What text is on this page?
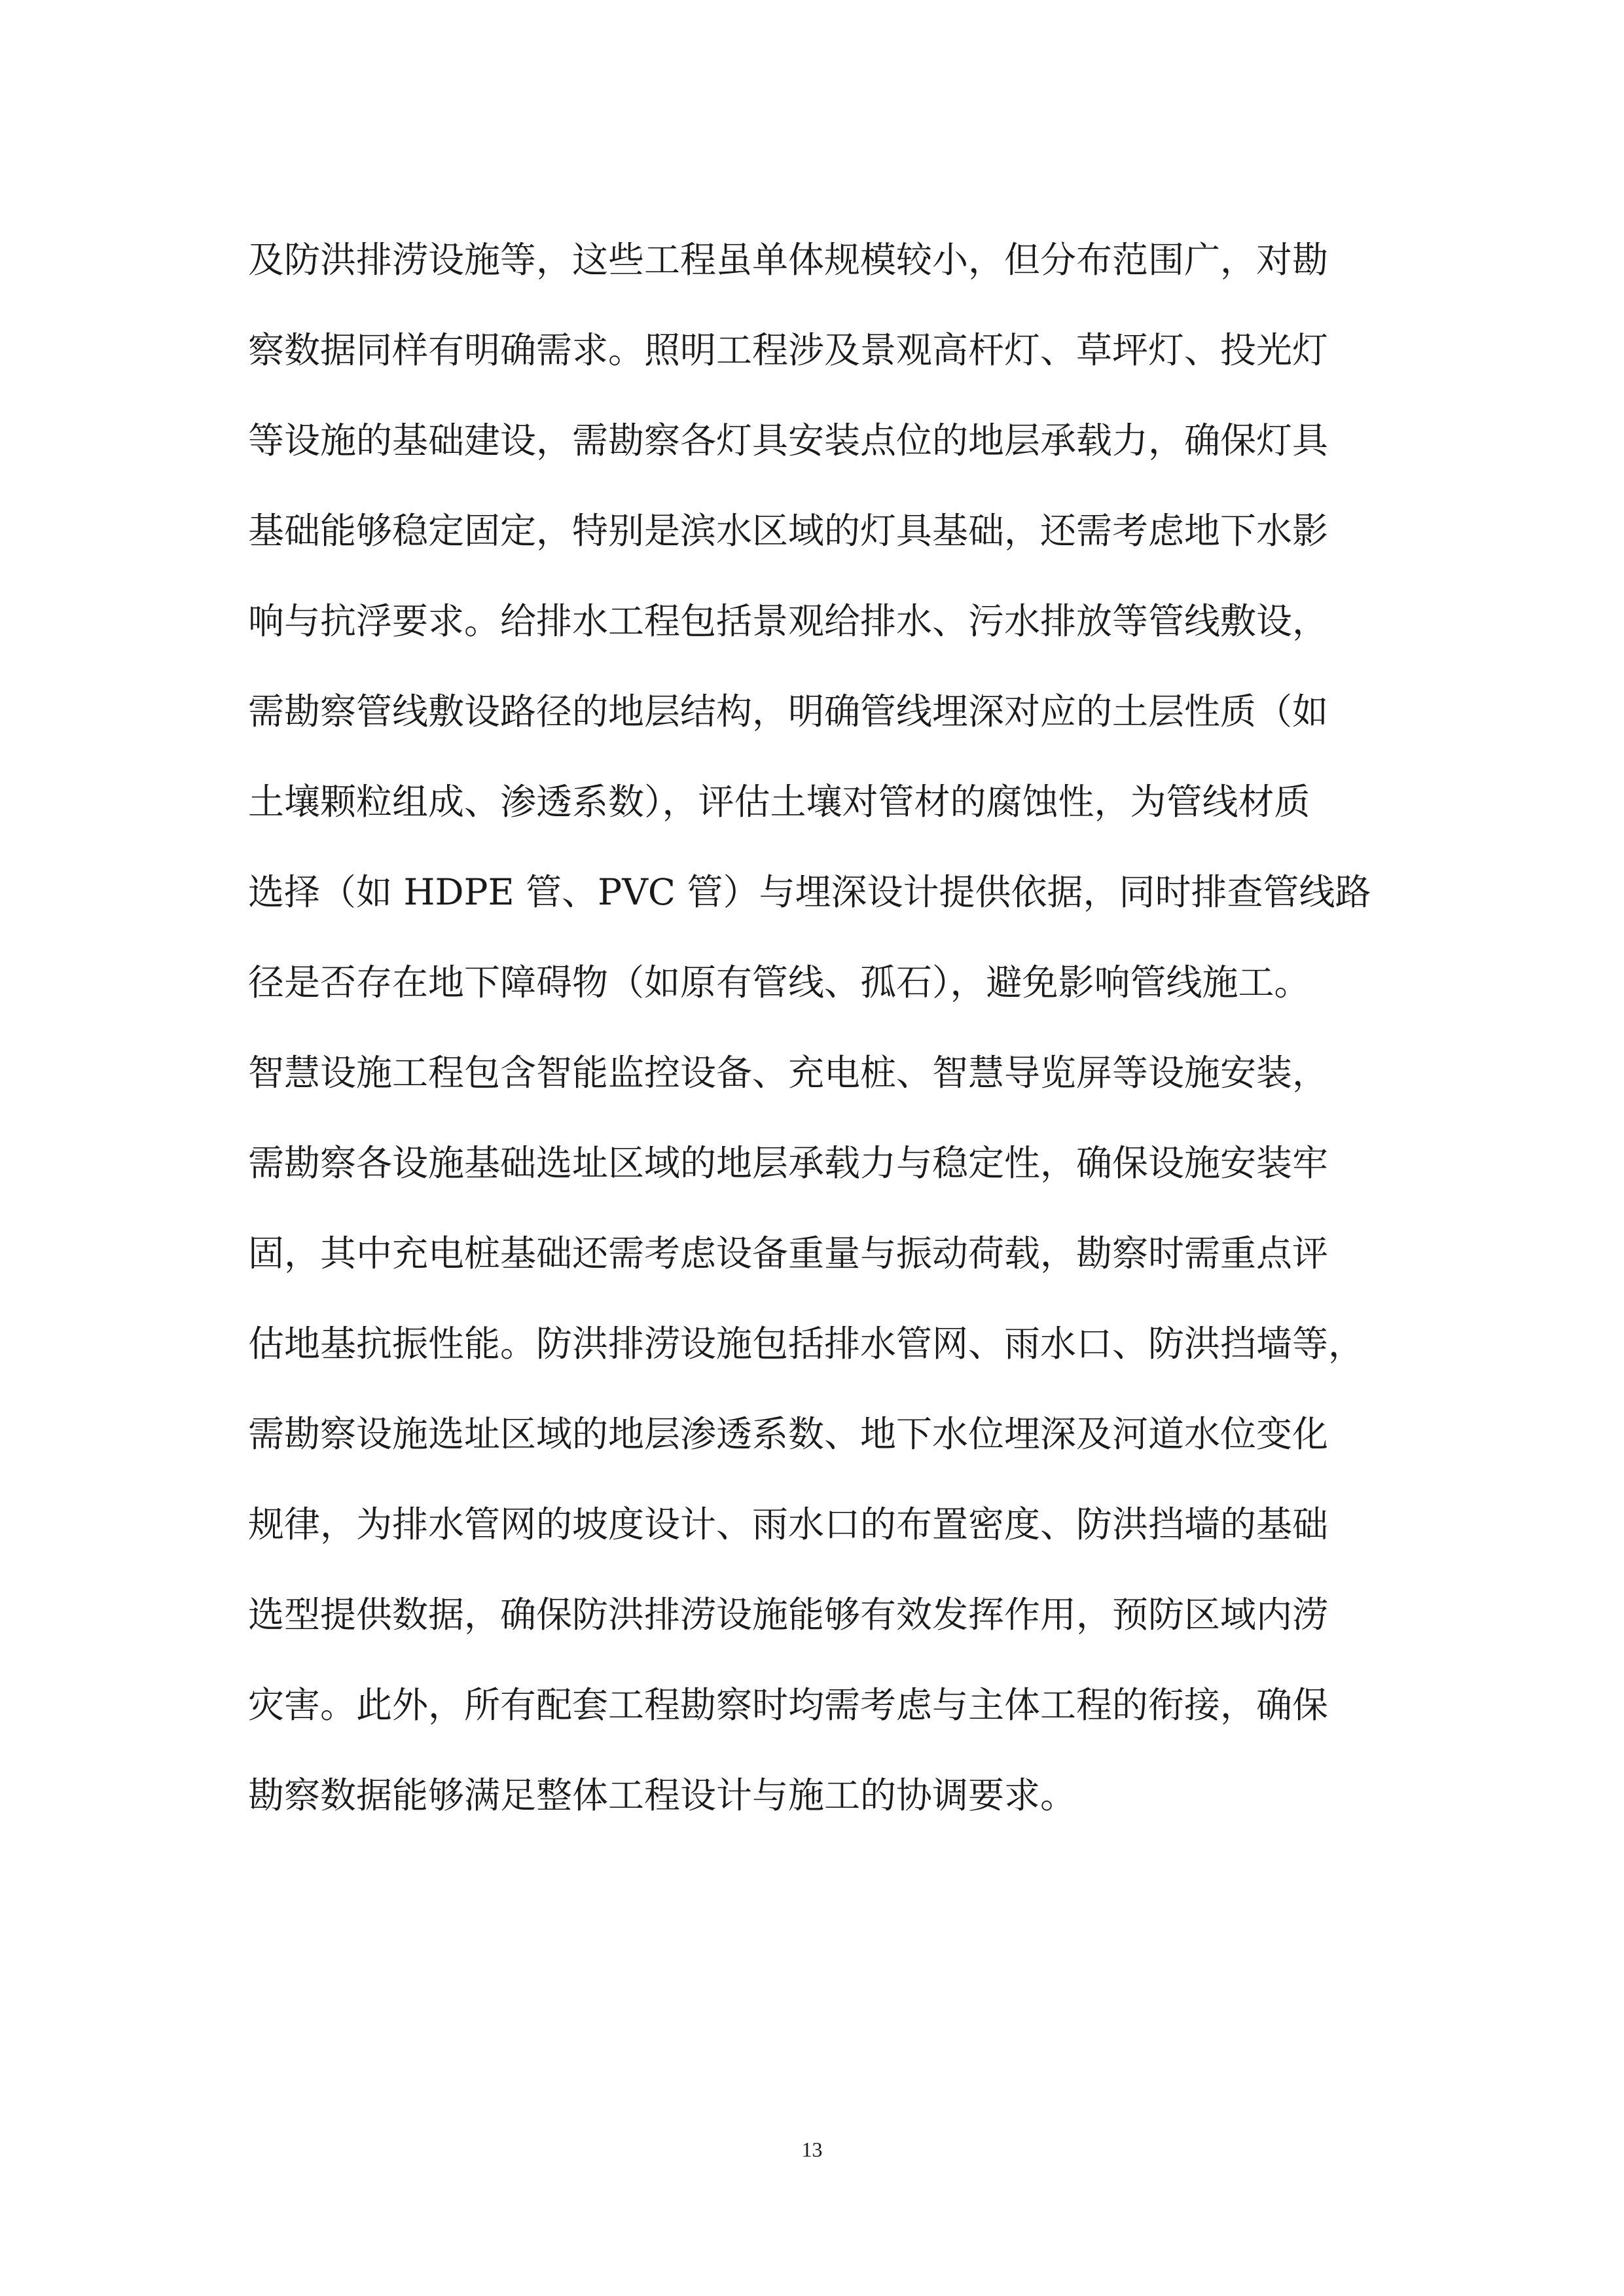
及防洪排涝设施等，这些工程虽单体规模较小，但分布范围广，对勘
察数据同样有明确需求。照明工程涉及景观高杆灯、草坪灯、投光灯
等设施的基础建设，需勘察各灯具安装点位的地层承载力，确保灯具
基础能够稳定固定，特别是滨水区域的灯具基础，还需考虑地下水影
响与抗浮要求。给排水工程包括景观给排水、污水排放等管线敷设，
需勘察管线敷设路径的地层结构，明确管线埋深对应的土层性质（如
土壤颗粒组成、渗透系数），评估土壤对管材的腐蚀性，为管线材质
选择（如 HDPE 管、PVC 管）与埋深设计提供依据，同时排查管线路
径是否存在地下障碍物（如原有管线、孤石），避免影响管线施工。
智慧设施工程包含智能监控设备、充电桩、智慧导览屏等设施安装，
需勘察各设施基础选址区域的地层承载力与稳定性，确保设施安装牢
固，其中充电桩基础还需考虑设备重量与振动荷载，勘察时需重点评
估地基抗振性能。防洪排涝设施包括排水管网、雨水口、防洪挡墙等，
需勘察设施选址区域的地层渗透系数、地下水位埋深及河道水位变化
规律，为排水管网的坡度设计、雨水口的布置密度、防洪挡墙的基础
选型提供数据，确保防洪排涝设施能够有效发挥作用，预防区域内涝
灾害。此外，所有配套工程勘察时均需考虑与主体工程的衔接，确保
勘察数据能够满足整体工程设计与施工的协调要求。
13
